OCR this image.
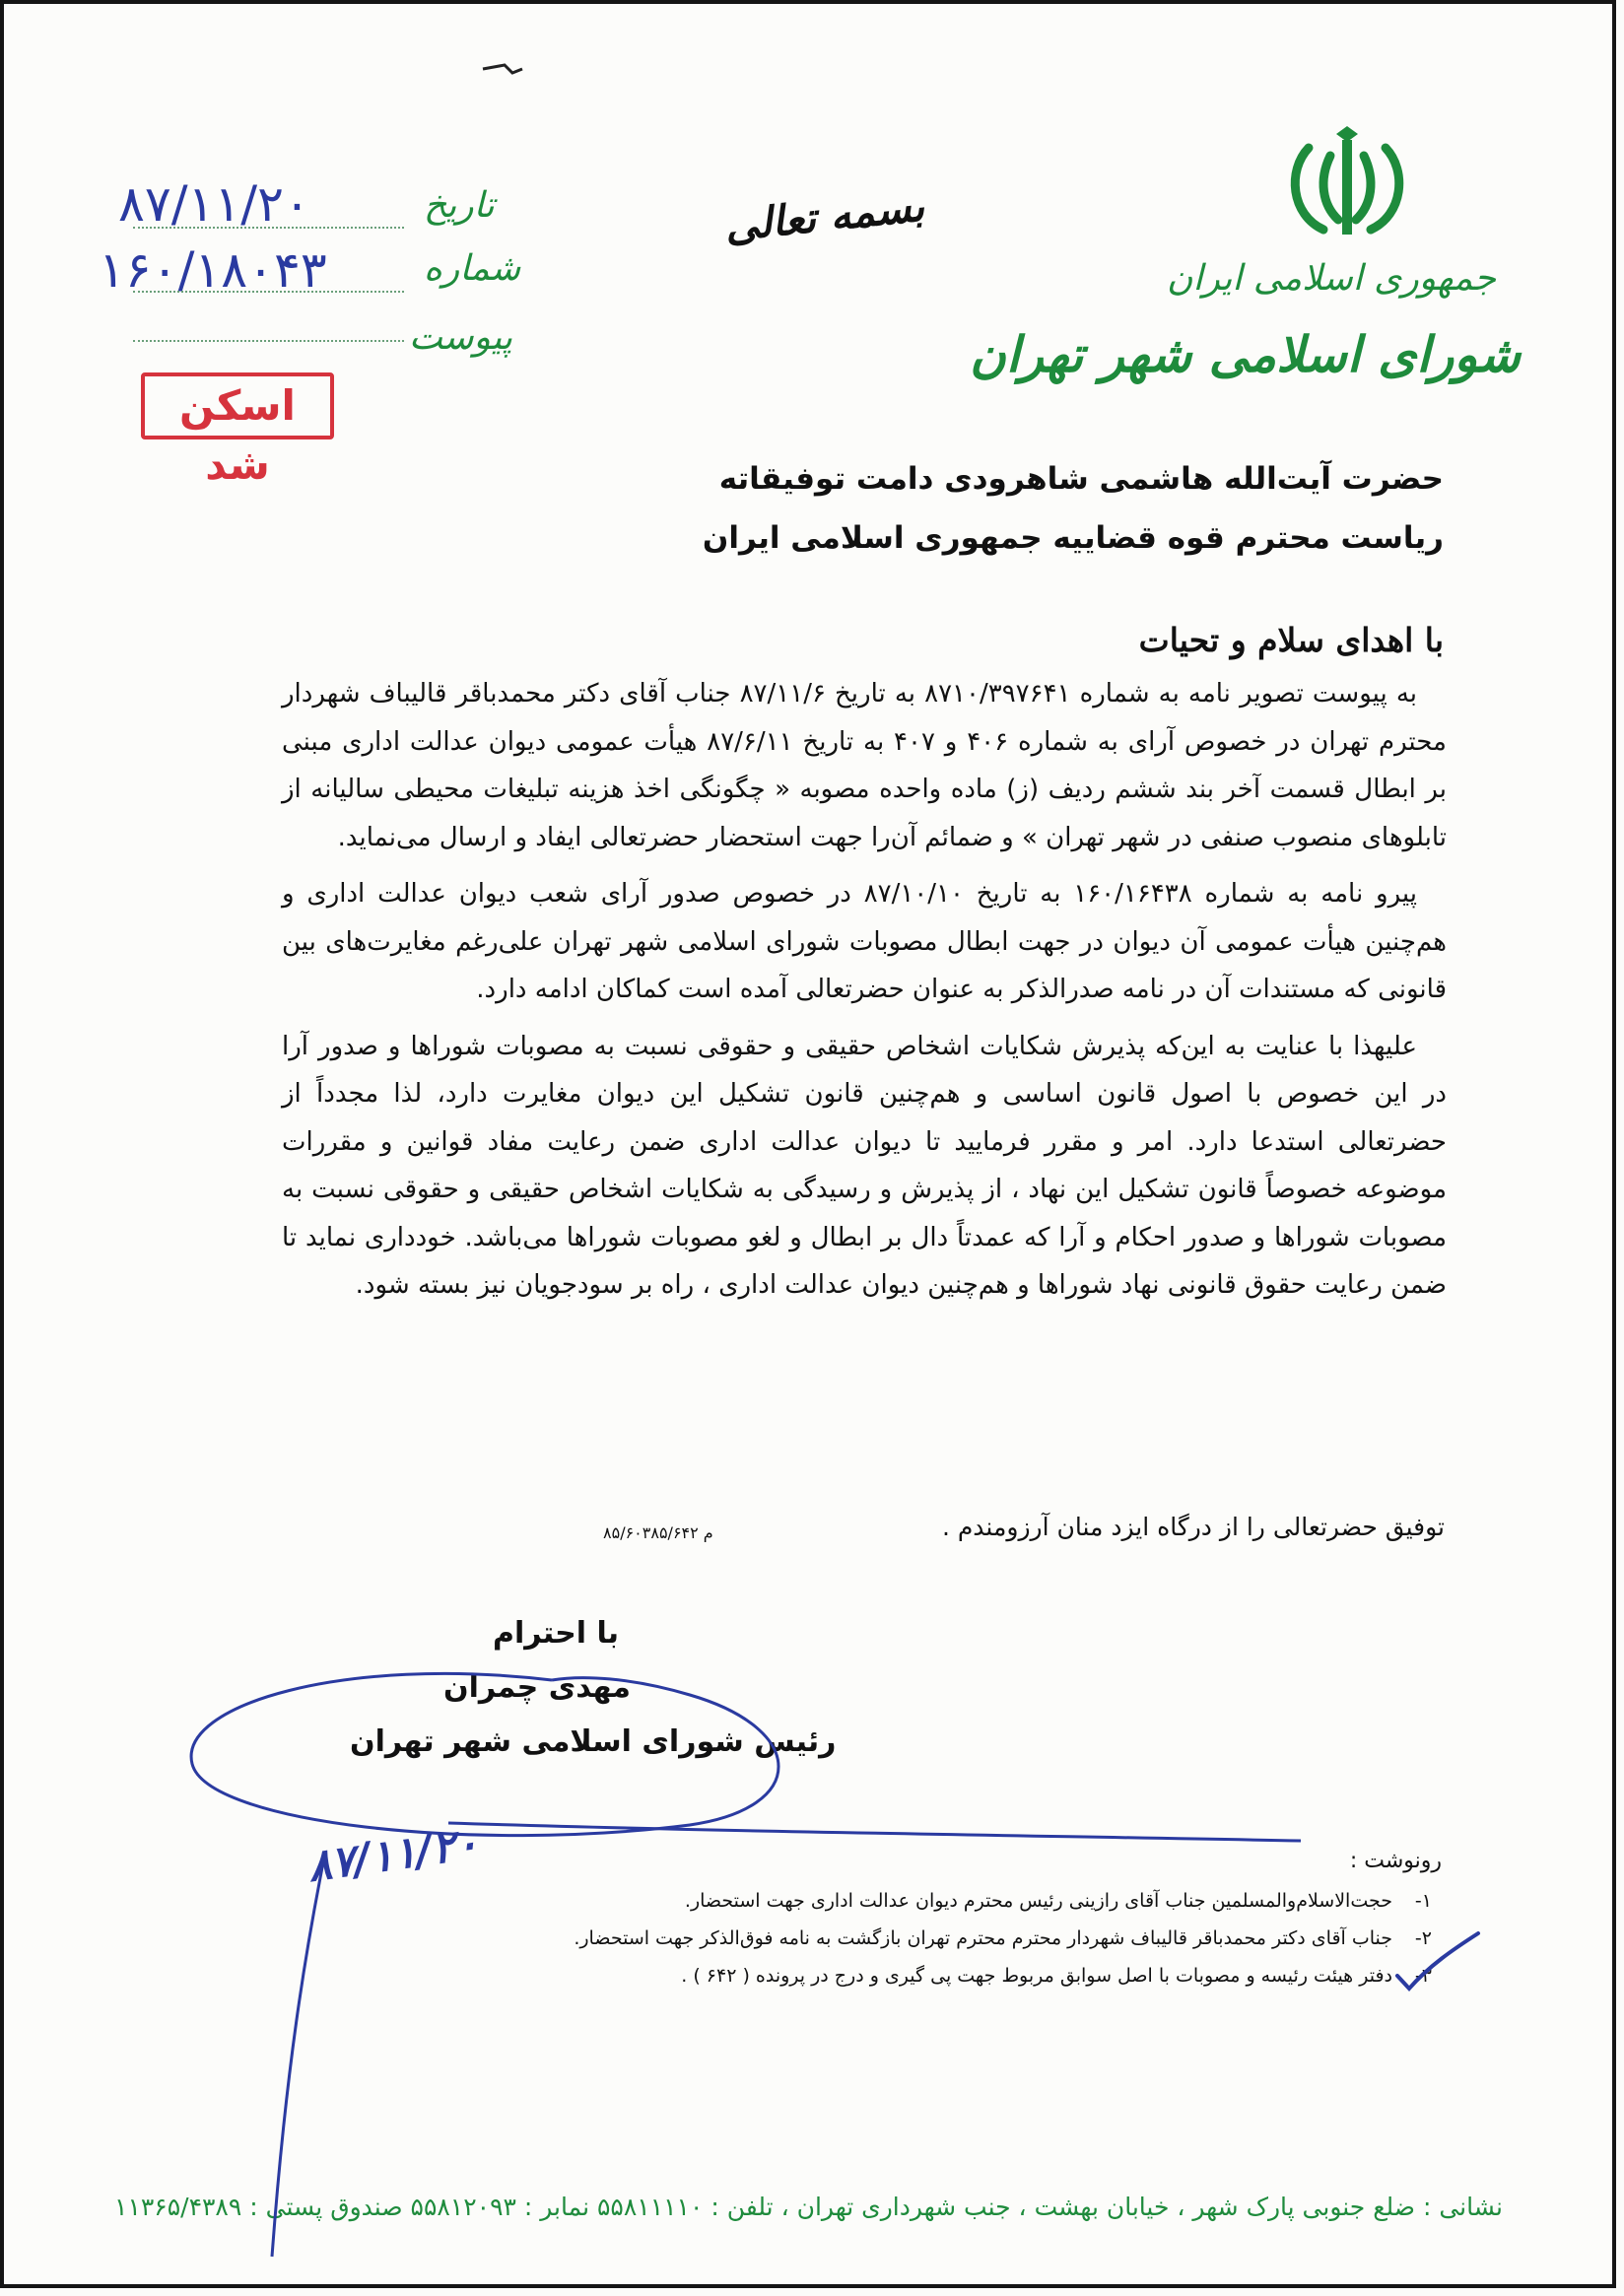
جمهوری اسلامی ایران
شورای اسلامی شهر تهران
بسمه تعالی
تاریخ
شماره
پیوست
۸۷/۱۱/۲۰
۱۶۰/۱۸۰۴۳
اسکن شد	حضرت آیت‌الله هاشمی شاهرودی دامت توفیقاته
ریاست محترم قوه قضاییه جمهوری اسلامی ایران
با اهدای سلام و تحیات

به پیوست تصویر نامه به شماره ۸۷۱۰/۳۹۷۶۴۱ به تاریخ ۸۷/۱۱/۶ جناب آقای دکتر محمدباقر قالیباف شهردار محترم تهران در خصوص آرای به شماره ۴۰۶ و ۴۰۷ به تاریخ ۸۷/۶/۱۱ هیأت عمومی دیوان عدالت اداری مبنی بر ابطال قسمت آخر بند ششم ردیف (ز) ماده واحده مصوبه « چگونگی اخذ هزینه تبلیغات محیطی سالیانه از تابلوهای منصوب صنفی در شهر تهران » و ضمائم آن‌را جهت استحضار حضرتعالی ایفاد و ارسال می‌نماید.

پیرو نامه به شماره ۱۶۰/۱۶۴۳۸ به تاریخ ۸۷/۱۰/۱۰ در خصوص صدور آرای شعب دیوان عدالت اداری و هم‌چنین هیأت عمومی آن دیوان در جهت ابطال مصوبات شورای اسلامی شهر تهران علی‌رغم مغایرت‌های بین قانونی که مستندات آن در نامه صدرالذکر به عنوان حضرتعالی آمده است کماکان ادامه دارد.

علیهذا با عنایت به این‌که پذیرش شکایات اشخاص حقیقی و حقوقی نسبت به مصوبات شوراها و صدور آرا در این خصوص با اصول قانون اساسی و هم‌چنین قانون تشکیل این دیوان مغایرت دارد، لذا مجدداً از حضرتعالی استدعا دارد. امر و مقرر فرمایید تا دیوان عدالت اداری ضمن رعایت مفاد قوانین و مقررات موضوعه خصوصاً قانون تشکیل این نهاد ، از پذیرش و رسیدگی به شکایات اشخاص حقیقی و حقوقی نسبت به مصوبات شوراها و صدور احکام و آرا که عمدتاً دال بر ابطال و لغو مصوبات شوراها می‌باشد. خودداری نماید تا ضمن رعایت حقوق قانونی نهاد شوراها و هم‌چنین دیوان عدالت اداری ، راه بر سودجویان نیز بسته شود.

توفیق حضرتعالی را از درگاه ایزد منان آرزومندم .
م ۸۵/۶۰۳۸۵/۶۴۲
با احترام
مهدی چمران
رئیس شورای اسلامی شهر تهران
۸۷/۱۱/۲۰	رونوشت :
۱-
حجت‌الاسلام‌والمسلمین جناب آقای رازینی رئیس محترم دیوان عدالت اداری جهت استحضار.
۲-
جناب آقای دکتر محمدباقر قالیباف شهردار محترم محترم تهران بازگشت به نامه فوق‌الذکر جهت استحضار.
۳-
دفتر هیئت رئیسه و مصوبات با اصل سوابق مربوط جهت پی گیری و درج در پرونده ( ۶۴۲ ) .
نشانی : ضلع جنوبی پارک شهر ، خیابان بهشت ، جنب شهرداری تهران ، تلفن : ۵۵۸۱۱۱۱۰ نمابر : ۵۵۸۱۲۰۹۳ صندوق پستی : ۱۱۳۶۵/۴۳۸۹
